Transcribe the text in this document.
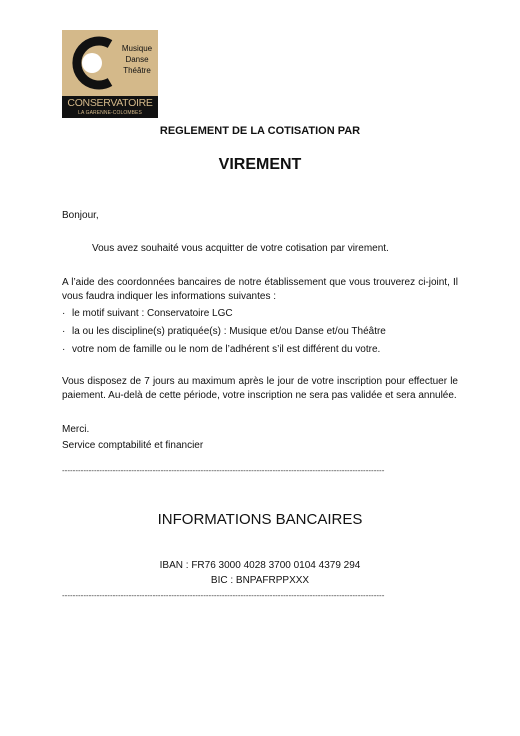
Musique
Danse
Théâtre
CONSERVATOIRE
LA GARENNE-COLOMBES
REGLEMENT DE LA COTISATION PAR
VIREMENT
Bonjour,
Vous avez souhaité vous acquitter de votre cotisation par virement.
A l’aide des coordonnées bancaires de notre établissement que vous trouverez ci-joint, Il vous faudra indiquer les informations suivantes :
· le motif suivant : Conservatoire LGC
· la ou les discipline(s) pratiquée(s) : Musique et/ou Danse et/ou Théâtre
· votre nom de famille ou le nom de l’adhérent s’il est différent du votre.
Vous disposez de 7 jours au maximum après le jour de votre inscription pour effectuer le paiement. Au-delà de cette période, votre inscription ne sera pas validée et sera annulée.
Merci.
Service comptabilité et financier
-------------------------------------------------------------------------------------------------------------------------
INFORMATIONS BANCAIRES
IBAN : FR76 3000 4028 3700 0104 4379 294
BIC : BNPAFRPPXXX
-------------------------------------------------------------------------------------------------------------------------
